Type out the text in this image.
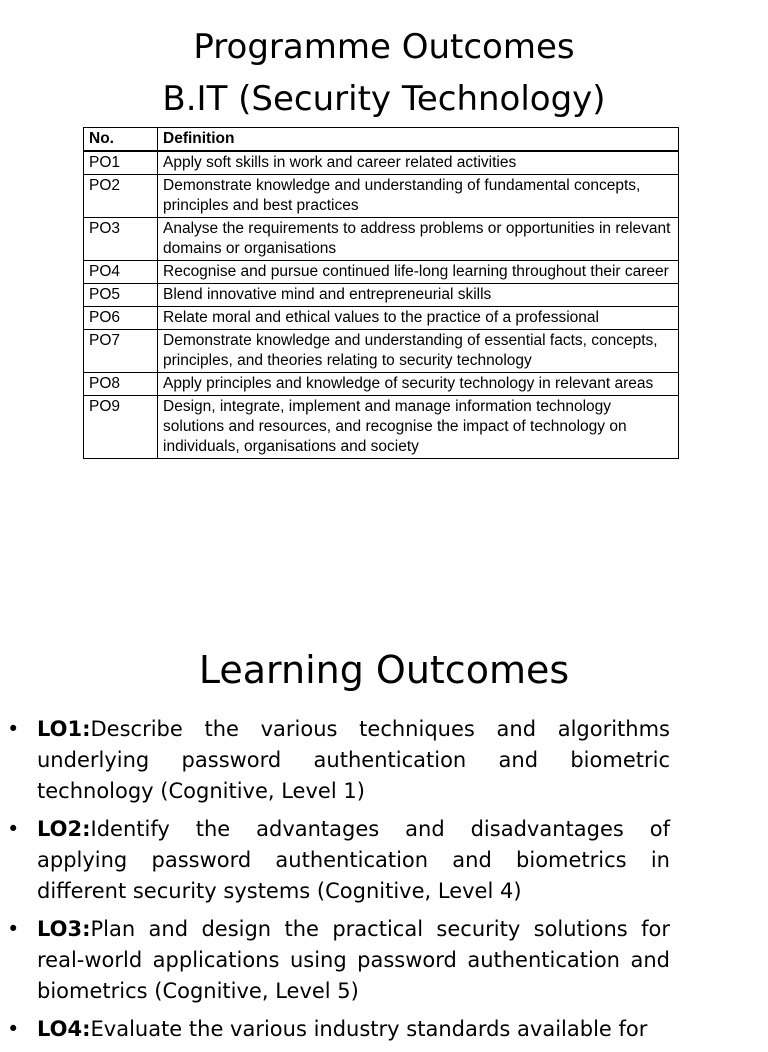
Programme Outcomes
B.IT (Security Technology)
No.	Definition
PO1	Apply soft skills in work and career related activities
PO2	Demonstrate knowledge and understanding of fundamental concepts, principles and best practices
PO3	Analyse the requirements to address problems or opportunities in relevant domains or organisations
PO4	Recognise and pursue continued life-long learning throughout their career
PO5	Blend innovative mind and entrepreneurial skills
PO6	Relate moral and ethical values to the practice of a professional
PO7	Demonstrate knowledge and understanding of essential facts, concepts, principles, and theories relating to security technology
PO8	Apply principles and knowledge of security technology in relevant areas
PO9	Design, integrate, implement and manage information technology solutions and resources, and recognise the impact of technology on individuals, organisations and society
Learning Outcomes
• LO1:Describe the various techniques and algorithms underlying password authentication and biometric technology (Cognitive, Level 1)
• LO2:Identify the advantages and disadvantages of applying password authentication and biometrics in different security systems (Cognitive, Level 4)
• LO3:Plan and design the practical security solutions for real-world applications using password authentication and biometrics (Cognitive, Level 5)
• LO4:Evaluate the various industry standards available for
